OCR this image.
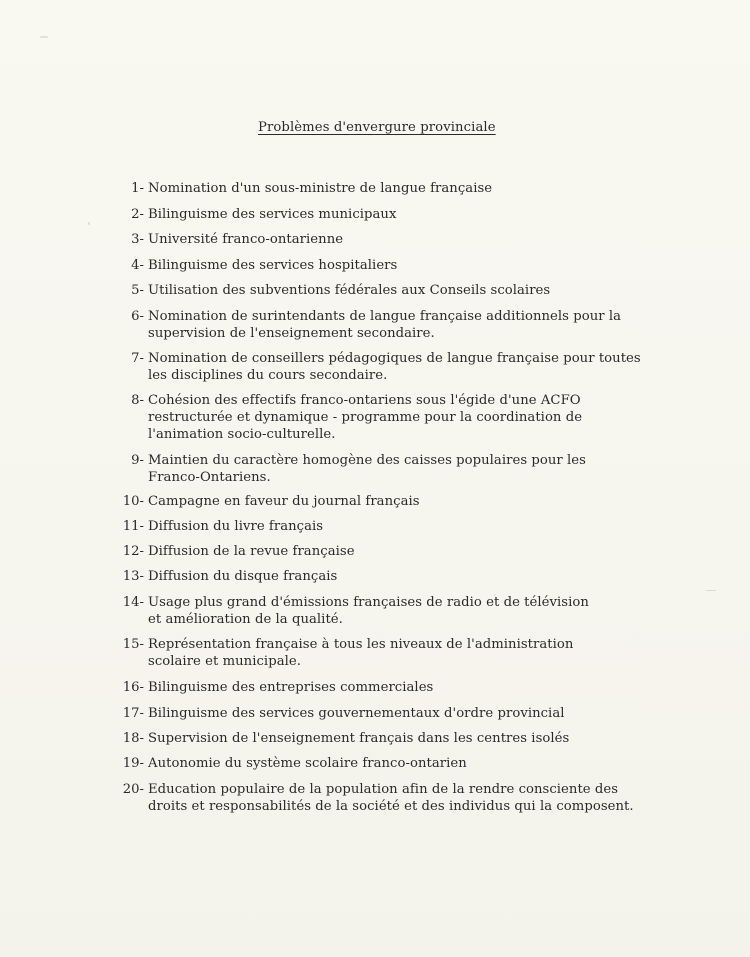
Problèmes d'envergure provinciale
1- Nomination d'un sous-ministre de langue française
2- Bilinguisme des services municipaux
3- Université franco-ontarienne
4- Bilinguisme des services hospitaliers
5- Utilisation des subventions fédérales aux Conseils scolaires
6- Nomination de surintendants de langue française additionnels pour la
supervision de l'enseignement secondaire.
7- Nomination de conseillers pédagogiques de langue française pour toutes
les disciplines du cours secondaire.
8- Cohésion des effectifs franco-ontariens sous l'égide d'une ACFO
restructurée et dynamique - programme pour la coordination de
l'animation socio-culturelle.
9- Maintien du caractère homogène des caisses populaires pour les
Franco-Ontariens.
10- Campagne en faveur du journal français
11- Diffusion du livre français
12- Diffusion de la revue française
13- Diffusion du disque français
14- Usage plus grand d'émissions françaises de radio et de télévision
et amélioration de la qualité.
15- Représentation française à tous les niveaux de l'administration
scolaire et municipale.
16- Bilinguisme des entreprises commerciales
17- Bilinguisme des services gouvernementaux d'ordre provincial
18- Supervision de l'enseignement français dans les centres isolés
19- Autonomie du système scolaire franco-ontarien
20- Education populaire de la population afin de la rendre consciente des
droits et responsabilités de la société et des individus qui la composent.
